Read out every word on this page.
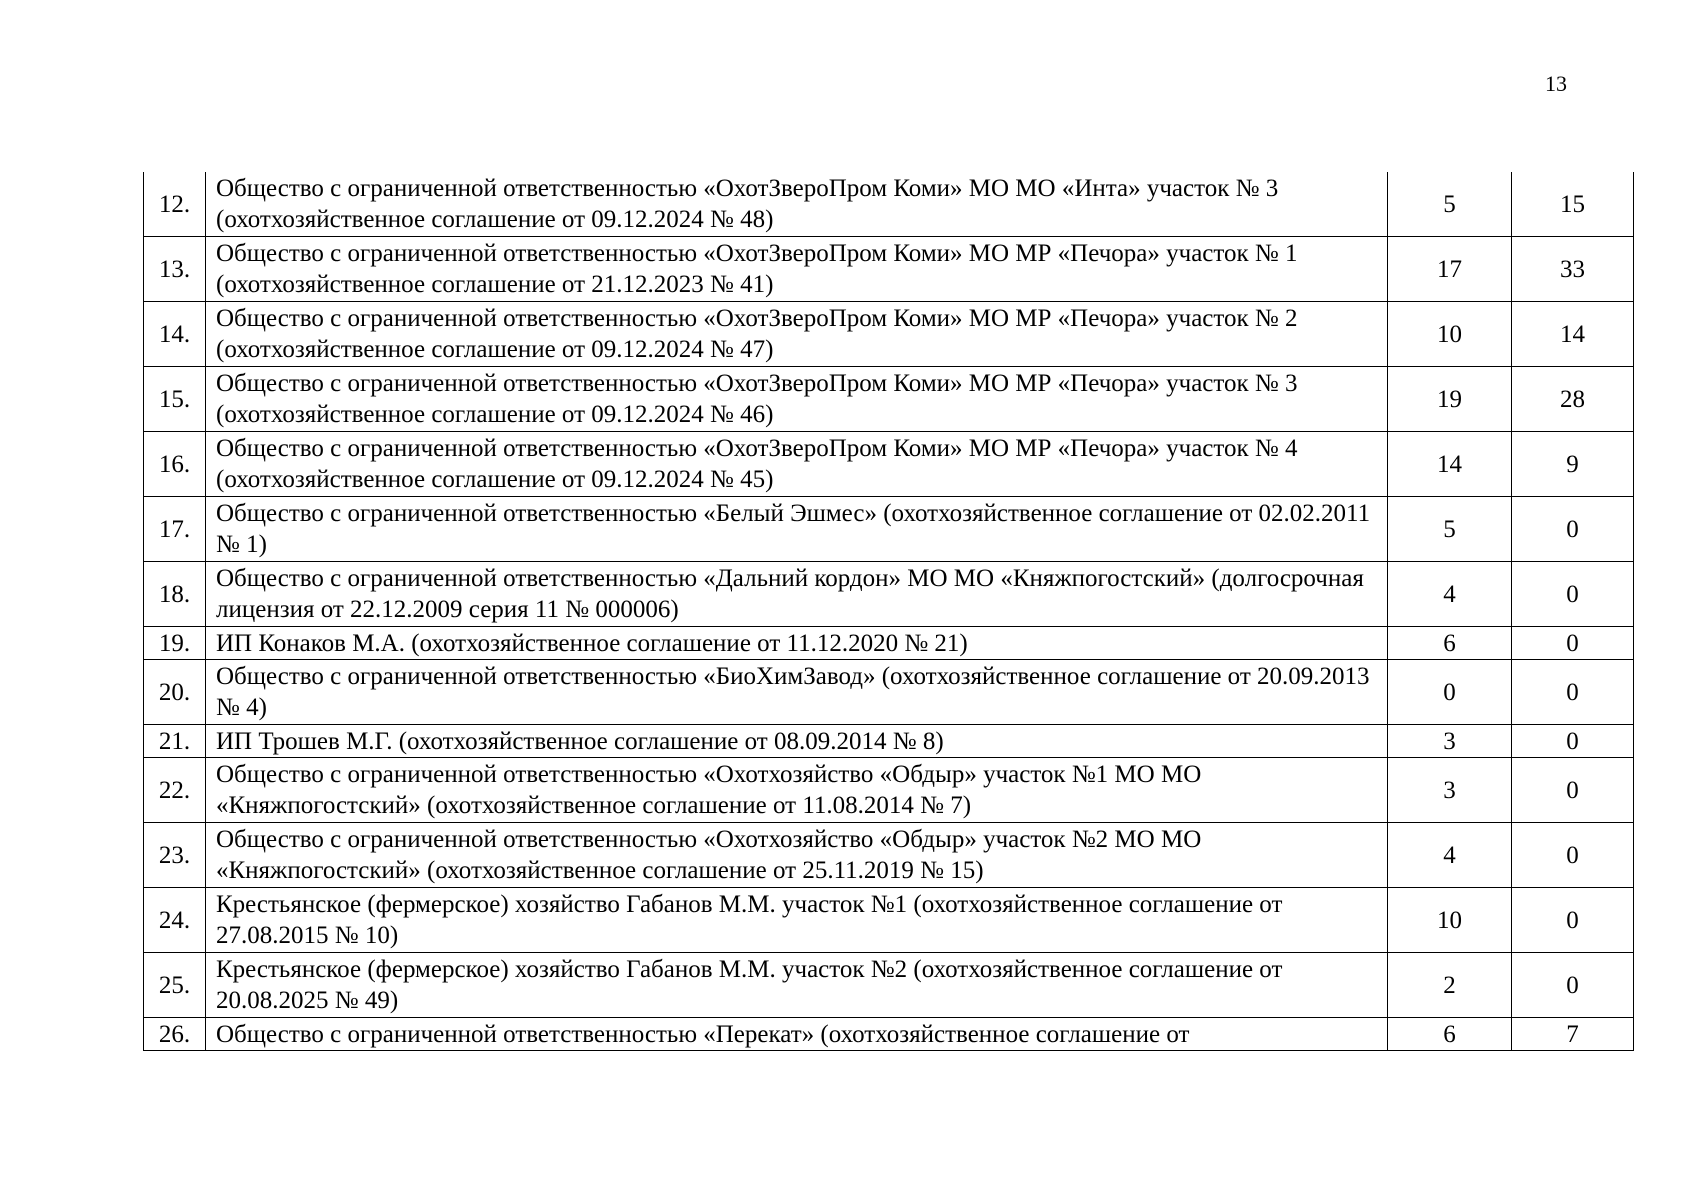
13
12.	Общество с ограниченной ответственностью «ОхотЗвероПром Коми» МО МО «Инта» участок № 3 (охотхозяйственное соглашение от 09.12.2024 № 48)	5	15
13.	Общество с ограниченной ответственностью «ОхотЗвероПром Коми» МО МР «Печора» участок № 1 (охотхозяйственное соглашение от 21.12.2023 № 41)	17	33
14.	Общество с ограниченной ответственностью «ОхотЗвероПром Коми» МО МР «Печора» участок № 2 (охотхозяйственное соглашение от 09.12.2024 № 47)	10	14
15.	Общество с ограниченной ответственностью «ОхотЗвероПром Коми» МО МР «Печора» участок № 3 (охотхозяйственное соглашение от 09.12.2024 № 46)	19	28
16.	Общество с ограниченной ответственностью «ОхотЗвероПром Коми» МО МР «Печора» участок № 4 (охотхозяйственное соглашение от 09.12.2024 № 45)	14	9
17.	Общество с ограниченной ответственностью «Белый Эшмес» (охотхозяйственное соглашение от 02.02.2011 № 1)	5	0
18.	Общество с ограниченной ответственностью «Дальний кордон» МО МО «Княжпогостский» (долгосрочная лицензия от 22.12.2009 серия 11 № 000006)	4	0
19.	ИП Конаков М.А. (охотхозяйственное соглашение от 11.12.2020 № 21)	6	0
20.	Общество с ограниченной ответственностью «БиоХимЗавод» (охотхозяйственное соглашение от 20.09.2013 № 4)	0	0
21.	ИП Трошев М.Г. (охотхозяйственное соглашение от 08.09.2014 № 8)	3	0
22.	Общество с ограниченной ответственностью «Охотхозяйство «Обдыр» участок №1 МО МО «Княжпогостский» (охотхозяйственное соглашение от 11.08.2014 № 7)	3	0
23.	Общество с ограниченной ответственностью «Охотхозяйство «Обдыр» участок №2 МО МО «Княжпогостский» (охотхозяйственное соглашение от 25.11.2019 № 15)	4	0
24.	Крестьянское (фермерское) хозяйство Габанов М.М. участок №1 (охотхозяйственное соглашение от 27.08.2015 № 10)	10	0
25.	Крестьянское (фермерское) хозяйство Габанов М.М. участок №2 (охотхозяйственное соглашение от 20.08.2025 № 49)	2	0
26.	Общество с ограниченной ответственностью «Перекат» (охотхозяйственное соглашение от	6	7
